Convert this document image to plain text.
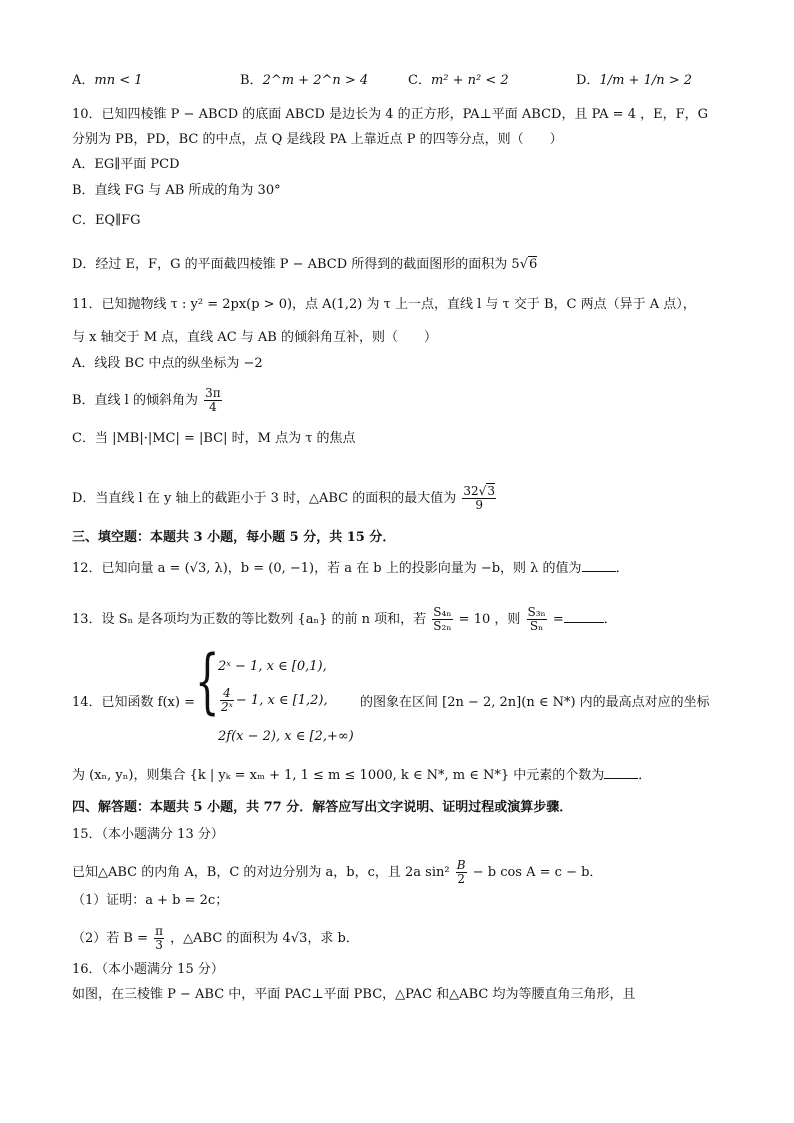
A．mn < 1	B．2^m + 2^n > 4	C．m² + n² < 2	D．1/m + 1/n > 2
10．已知四棱锥 P − ABCD 的底面 ABCD 是边长为 4 的正方形，PA⊥平面 ABCD，且 PA = 4 ，E，F，G
分别为 PB，PD，BC 的中点，点 Q 是线段 PA 上靠近点 P 的四等分点，则（　　）
A．EG∥平面 PCD
B．直线 FG 与 AB 所成的角为 30°
C．EQ∥FG
D．经过 E，F，G 的平面截四棱锥 P − ABCD 所得到的截面图形的面积为 5√6
11．已知抛物线 τ : y² = 2px(p > 0)，点 A(1,2) 为 τ 上一点，直线 l 与 τ 交于 B，C 两点（异于 A 点），
与 x 轴交于 M 点，直线 AC 与 AB 的倾斜角互补，则（　　）
A．线段 BC 中点的纵坐标为 −2
B．直线 l 的倾斜角为 $\frac{3\pi}{4}$
C．当 |MB|·|MC| = |BC| 时，M 点为 τ 的焦点
D．当直线 l 在 y 轴上的截距小于 3 时，△ABC 的面积的最大值为 $\frac{32√3}{9}$
三、填空题：本题共 3 小题，每小题 5 分，共 15 分．
12．已知向量 a = (√3, λ)，b = (0, −1)，若 a 在 b 上的投影向量为 −b，则 λ 的值为	．
13．设 Sₙ 是各项均为正数的等比数列 {aₙ} 的前 n 项和，若 $\frac{\text{S₄ₙ}}{\text{S₂ₙ}} = 10$ ，则 $\frac{\text{S₃ₙ}}{\text{Sₙ}}$ =	．
14．已知函数 f(x) = {
2ˣ − 1, x ∈ [0,1),
$\frac{4}{\text{2ˣ}} - 1$, x ∈ [1,2),
2f(x − 2), x ∈ [2,+∞)
的图象在区间 [2n − 2, 2n](n ∈ N*) 内的最高点对应的坐标
为 (xₙ, yₙ)，则集合 {k | yₖ = xₘ + 1, 1 ≤ m ≤ 1000, k ∈ N*, m ∈ N*} 中元素的个数为	．
四、解答题：本题共 5 小题，共 77 分．解答应写出文字说明、证明过程或演算步骤．
15．（本小题满分 13 分）
已知△ABC 的内角 A，B，C 的对边分别为 a，b，c，且 2a $\sin^2 \frac{B}{2} - b$ cos A = c − b．
（1）证明：a + b = 2c；
（2）若 $B = \frac{\pi}{3}$ ，△ABC 的面积为 4√3，求 b．
16．（本小题满分 15 分）
如图，在三棱锥 P − ABC 中，平面 PAC⊥平面 PBC，△PAC 和△ABC 均为等腰直角三角形，且
